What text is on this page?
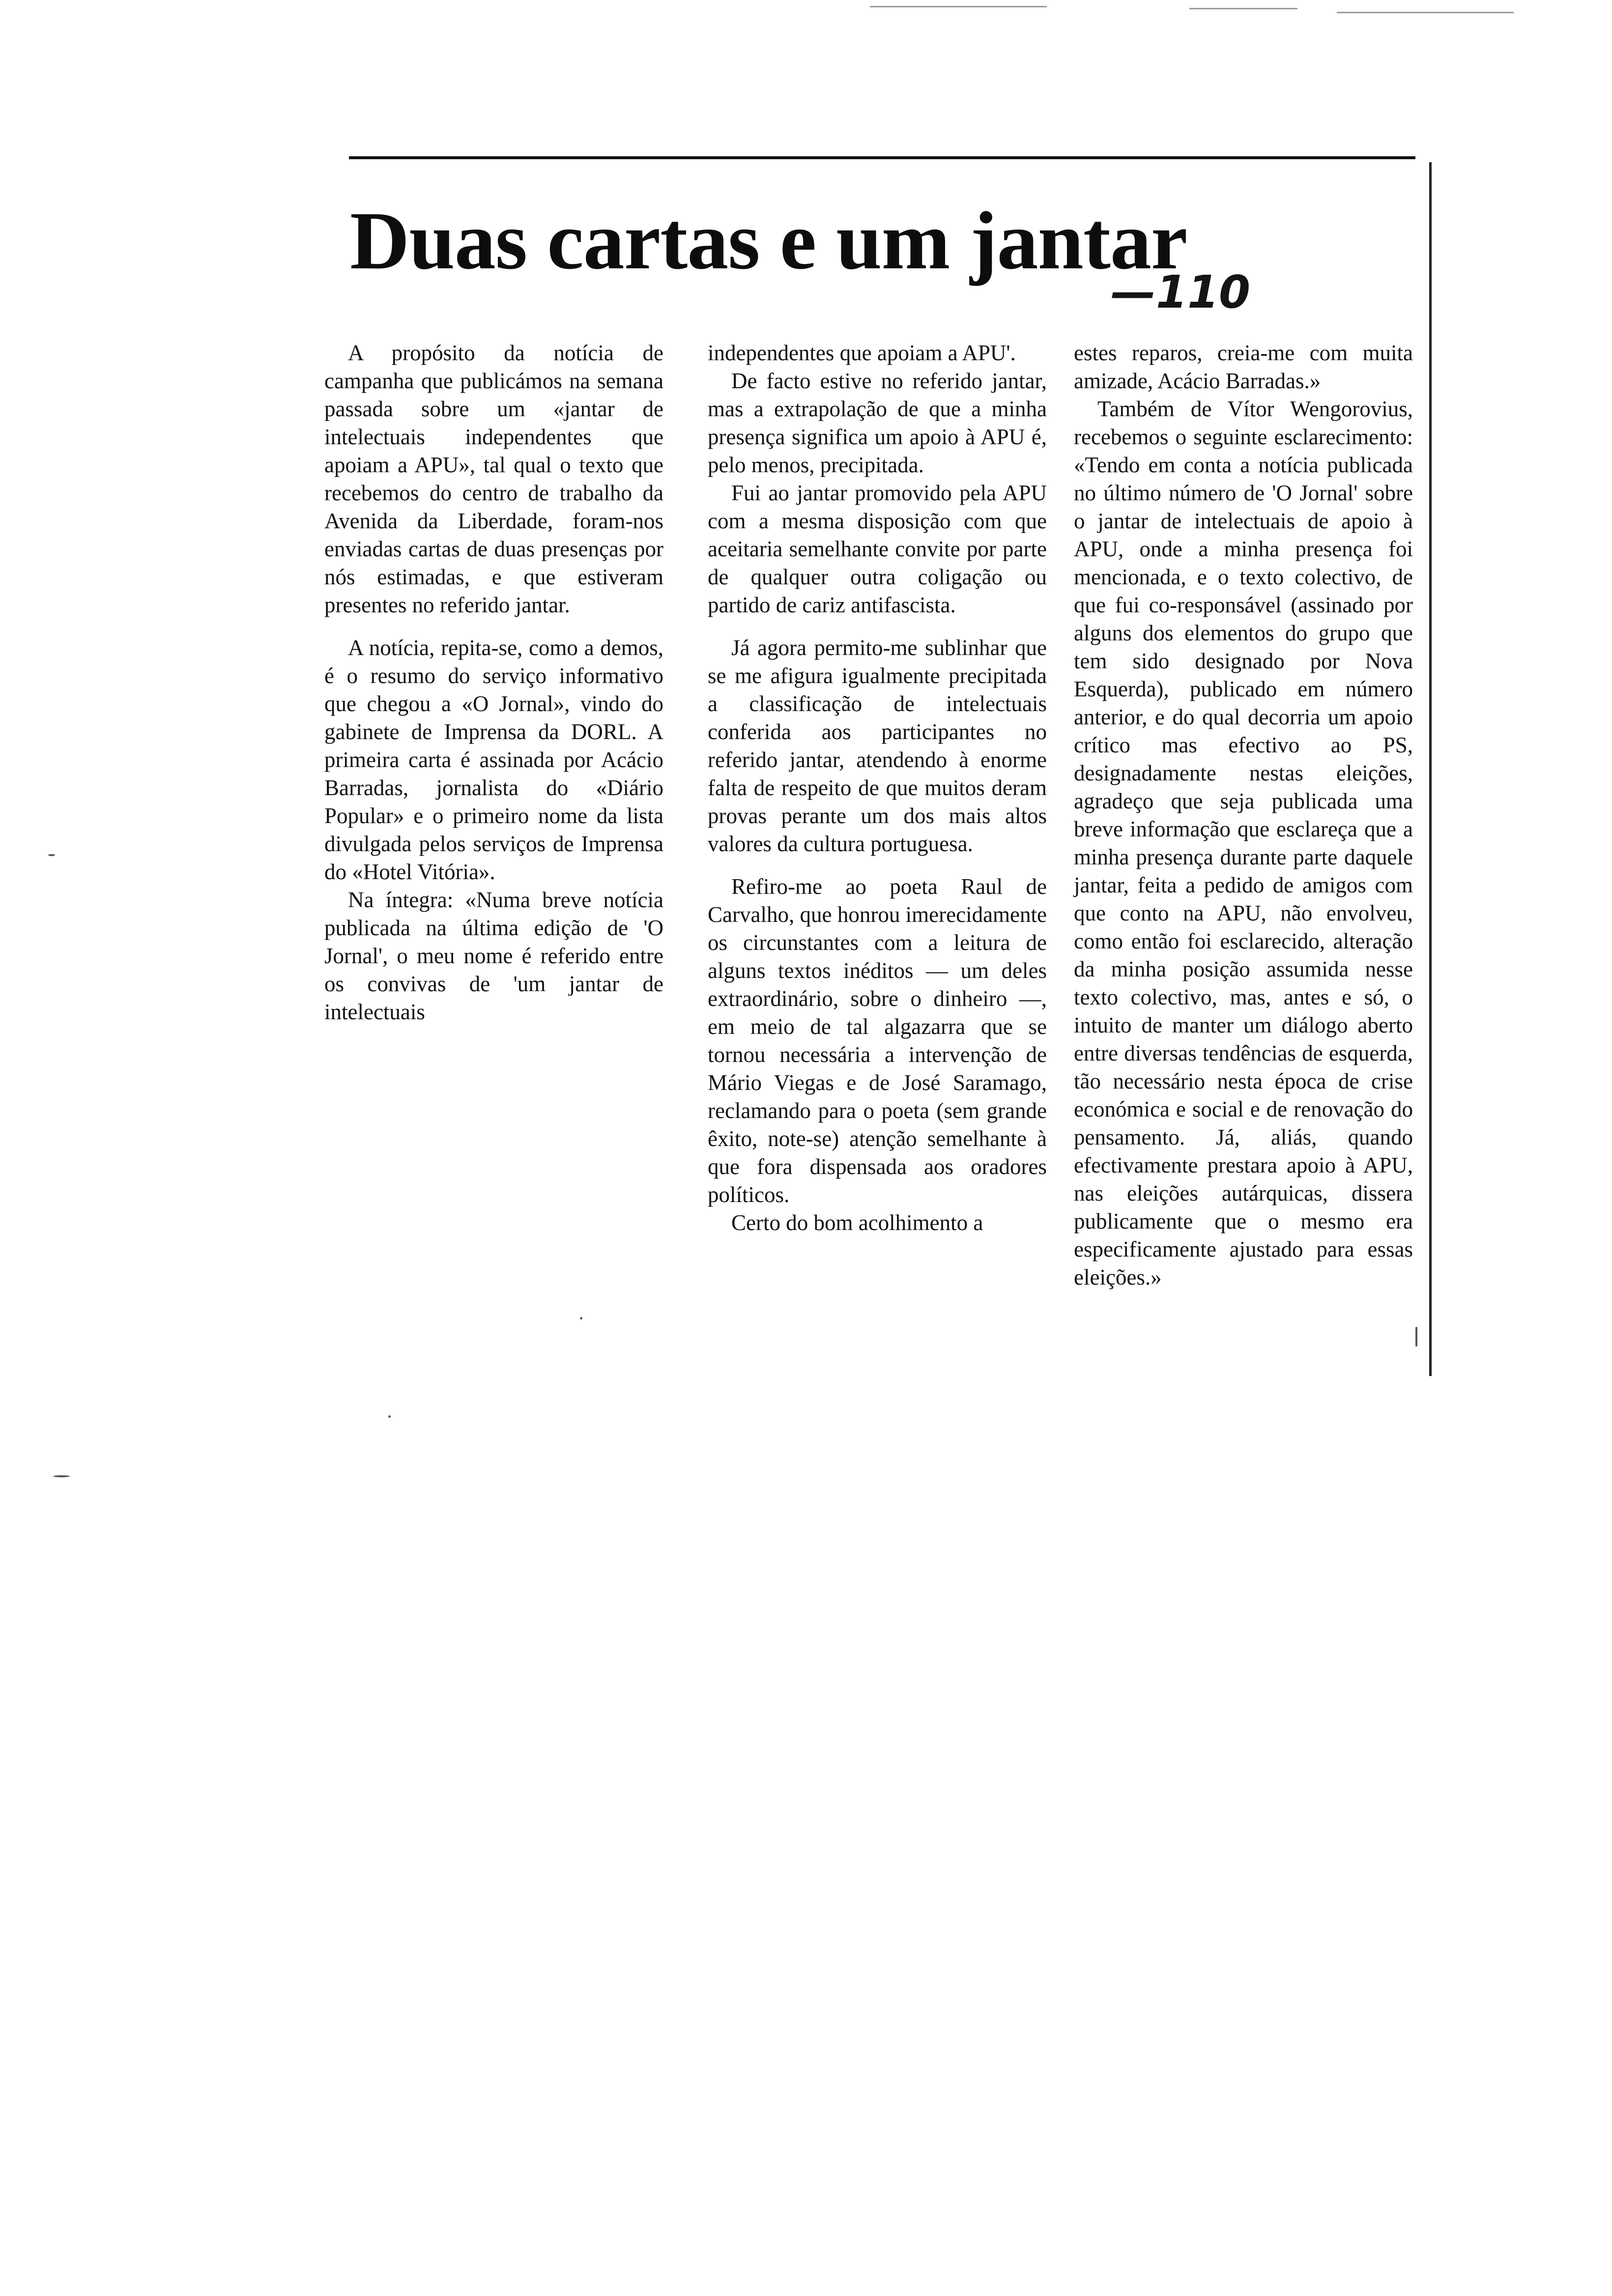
Duas cartas e um jantar
—110

A propósito da notícia de campanha que publicámos na semana passada sobre um «jantar de intelectuais independentes que apoiam a APU», tal qual o texto que recebemos do centro de trabalho da Avenida da Liberdade, foram-nos enviadas cartas de duas presenças por nós estimadas, e que estiveram presentes no referido jantar.

A notícia, repita-se, como a demos, é o resumo do serviço informativo que chegou a «O Jornal», vindo do gabinete de Imprensa da DORL. A primeira carta é assinada por Acácio Barradas, jornalista do «Diário Popular» e o primeiro nome da lista divulgada pelos serviços de Imprensa do «Hotel Vitória».

Na íntegra: «Numa breve notícia publicada na última edição de 'O Jornal', o meu nome é referido entre os convivas de 'um jantar de intelectuais

independentes que apoiam a APU'.

De facto estive no referido jantar, mas a extrapolação de que a minha presença significa um apoio à APU é, pelo menos, precipitada.

Fui ao jantar promovido pela APU com a mesma disposição com que aceitaria semelhante convite por parte de qualquer outra coligação ou partido de cariz antifascista.

Já agora permito-me sublinhar que se me afigura igualmente precipitada a classificação de intelectuais conferida aos participantes no referido jantar, atendendo à enorme falta de respeito de que muitos deram provas perante um dos mais altos valores da cultura portuguesa.

Refiro-me ao poeta Raul de Carvalho, que honrou imerecidamente os circunstantes com a leitura de alguns textos inéditos — um deles extraordinário, sobre o dinheiro —, em meio de tal algazarra que se tornou necessária a intervenção de Mário Viegas e de José Saramago, reclamando para o poeta (sem grande êxito, note-se) atenção semelhante à que fora dispensada aos oradores políticos.

Certo do bom acolhimento a

estes reparos, creia-me com muita amizade, Acácio Barradas.»

Também de Vítor Wengorovius, recebemos o seguinte esclarecimento: «Tendo em conta a notícia publicada no último número de 'O Jornal' sobre o jantar de intelectuais de apoio à APU, onde a minha presença foi mencionada, e o texto colectivo, de que fui co-responsável (assinado por alguns dos elementos do grupo que tem sido designado por Nova Esquerda), publicado em número anterior, e do qual decorria um apoio crítico mas efectivo ao PS, designadamente nestas eleições, agradeço que seja publicada uma breve informação que esclareça que a minha presença durante parte daquele jantar, feita a pedido de amigos com que conto na APU, não envolveu, como então foi esclarecido, alteração da minha posição assumida nesse texto colectivo, mas, antes e só, o intuito de manter um diálogo aberto entre diversas tendências de esquerda, tão necessário nesta época de crise económica e social e de renovação do pensamento. Já, aliás, quando efectivamente prestara apoio à APU, nas eleições autárquicas, dissera publicamente que o mesmo era especificamente ajustado para essas eleições.»
